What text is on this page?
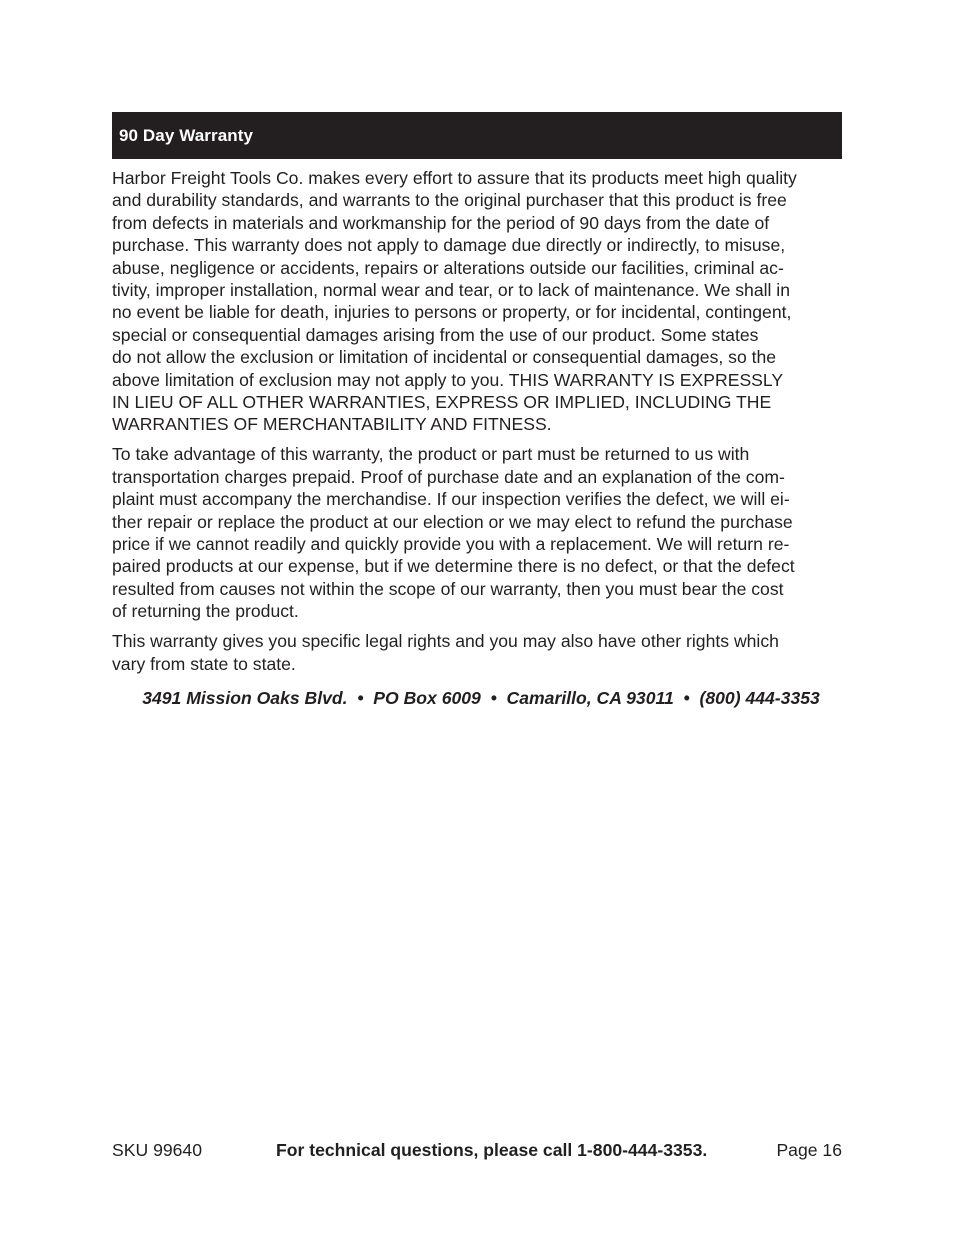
90 Day Warranty

Harbor Freight Tools Co. makes every effort to assure that its products meet high quality
and durability standards, and warrants to the original purchaser that this product is free
from defects in materials and workmanship for the period of 90 days from the date of
purchase. This warranty does not apply to damage due directly or indirectly, to misuse,
abuse, negligence or accidents, repairs or alterations outside our facilities, criminal ac-
tivity, improper installation, normal wear and tear, or to lack of maintenance. We shall in
no event be liable for death, injuries to persons or property, or for incidental, contingent,
special or consequential damages arising from the use of our product. Some states
do not allow the exclusion or limitation of incidental or consequential damages, so the
above limitation of exclusion may not apply to you. THIS WARRANTY IS EXPRESSLY
IN LIEU OF ALL OTHER WARRANTIES, EXPRESS OR IMPLIED, INCLUDING THE
WARRANTIES OF MERCHANTABILITY AND FITNESS.

To take advantage of this warranty, the product or part must be returned to us with
transportation charges prepaid. Proof of purchase date and an explanation of the com-
plaint must accompany the merchandise. If our inspection verifies the defect, we will ei-
ther repair or replace the product at our election or we may elect to refund the purchase
price if we cannot readily and quickly provide you with a replacement. We will return re-
paired products at our expense, but if we determine there is no defect, or that the defect
resulted from causes not within the scope of our warranty, then you must bear the cost
of returning the product.

This warranty gives you specific legal rights and you may also have other rights which
vary from state to state.

3491 Mission Oaks Blvd.  •  PO Box 6009  •  Camarillo, CA 93011  •  (800) 444-3353
SKU 99640	For technical questions, please call 1-800-444-3353.	Page 16
